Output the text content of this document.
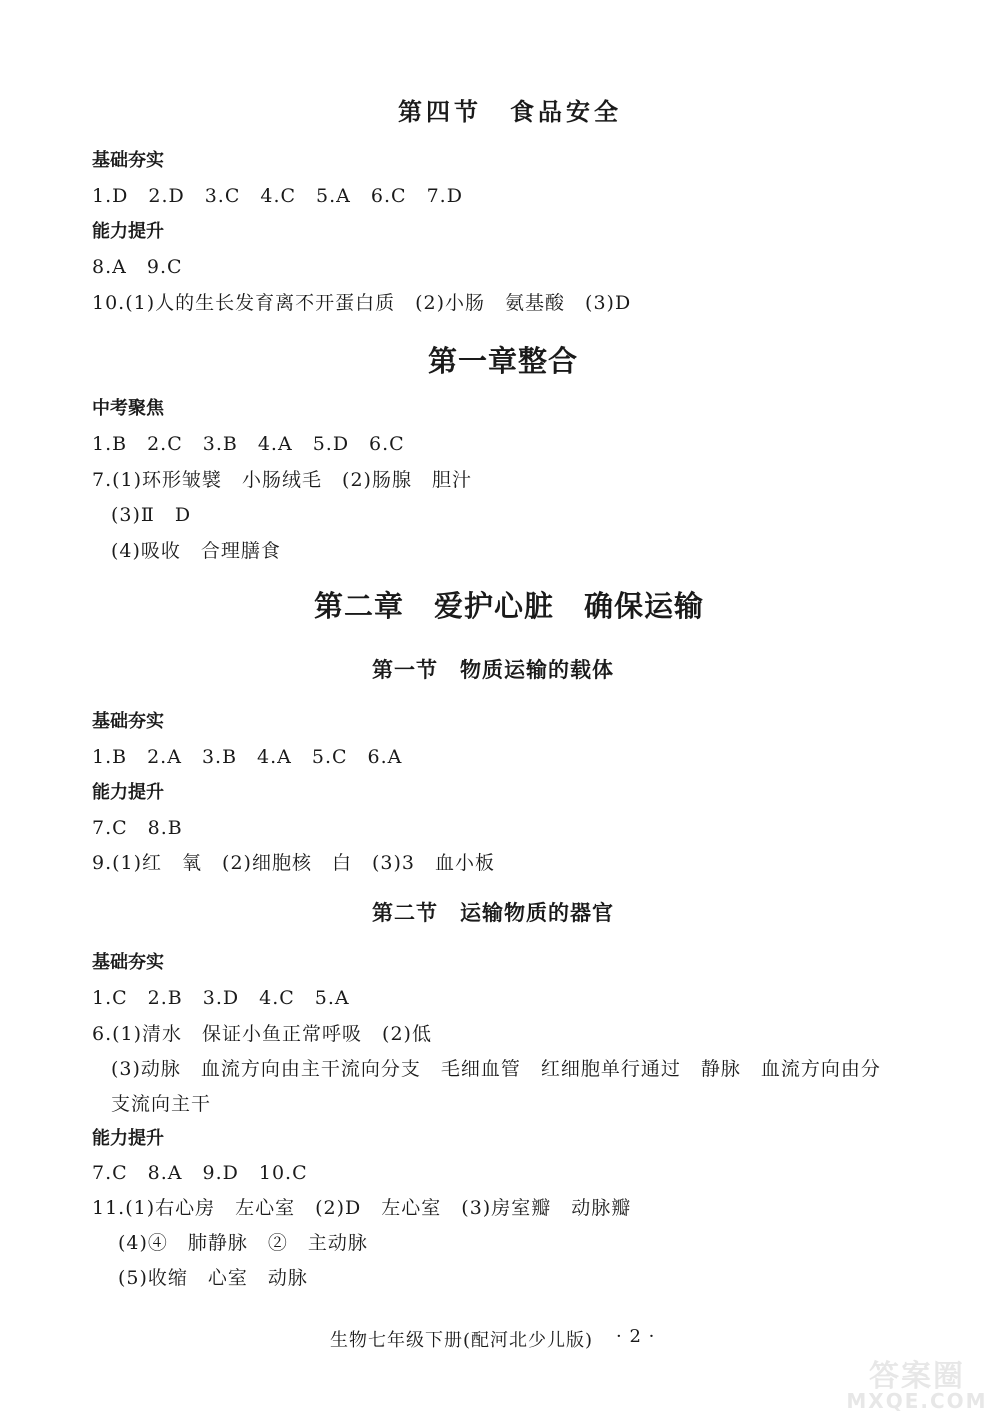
第四节　食品安全
基础夯实
1.D　2.D　3.C　4.C　5.A　6.C　7.D
能力提升
8.A　9.C
10.(1)人的生长发育离不开蛋白质　(2)小肠　氨基酸　(3)D
第一章整合
中考聚焦
1.B　2.C　3.B　4.A　5.D　6.C
7.(1)环形皱襞　小肠绒毛　(2)肠腺　胆汁
(3)Ⅱ　D
(4)吸收　合理膳食
第二章　爱护心脏　确保运输
第一节　物质运输的载体
基础夯实
1.B　2.A　3.B　4.A　5.C　6.A
能力提升
7.C　8.B
9.(1)红　氧　(2)细胞核　白　(3)3　血小板
第二节　运输物质的器官
基础夯实
1.C　2.B　3.D　4.C　5.A
6.(1)清水　保证小鱼正常呼吸　(2)低
(3)动脉　血流方向由主干流向分支　毛细血管　红细胞单行通过　静脉　血流方向由分
支流向主干
能力提升
7.C　8.A　9.D　10.C
11.(1)右心房　左心室　(2)D　左心室　(3)房室瓣　动脉瓣
(4)④　肺静脉　②　主动脉
(5)收缩　心室　动脉
生物七年级下册(配河北少儿版) · 2 ·
答案圈
MXQE.COM
